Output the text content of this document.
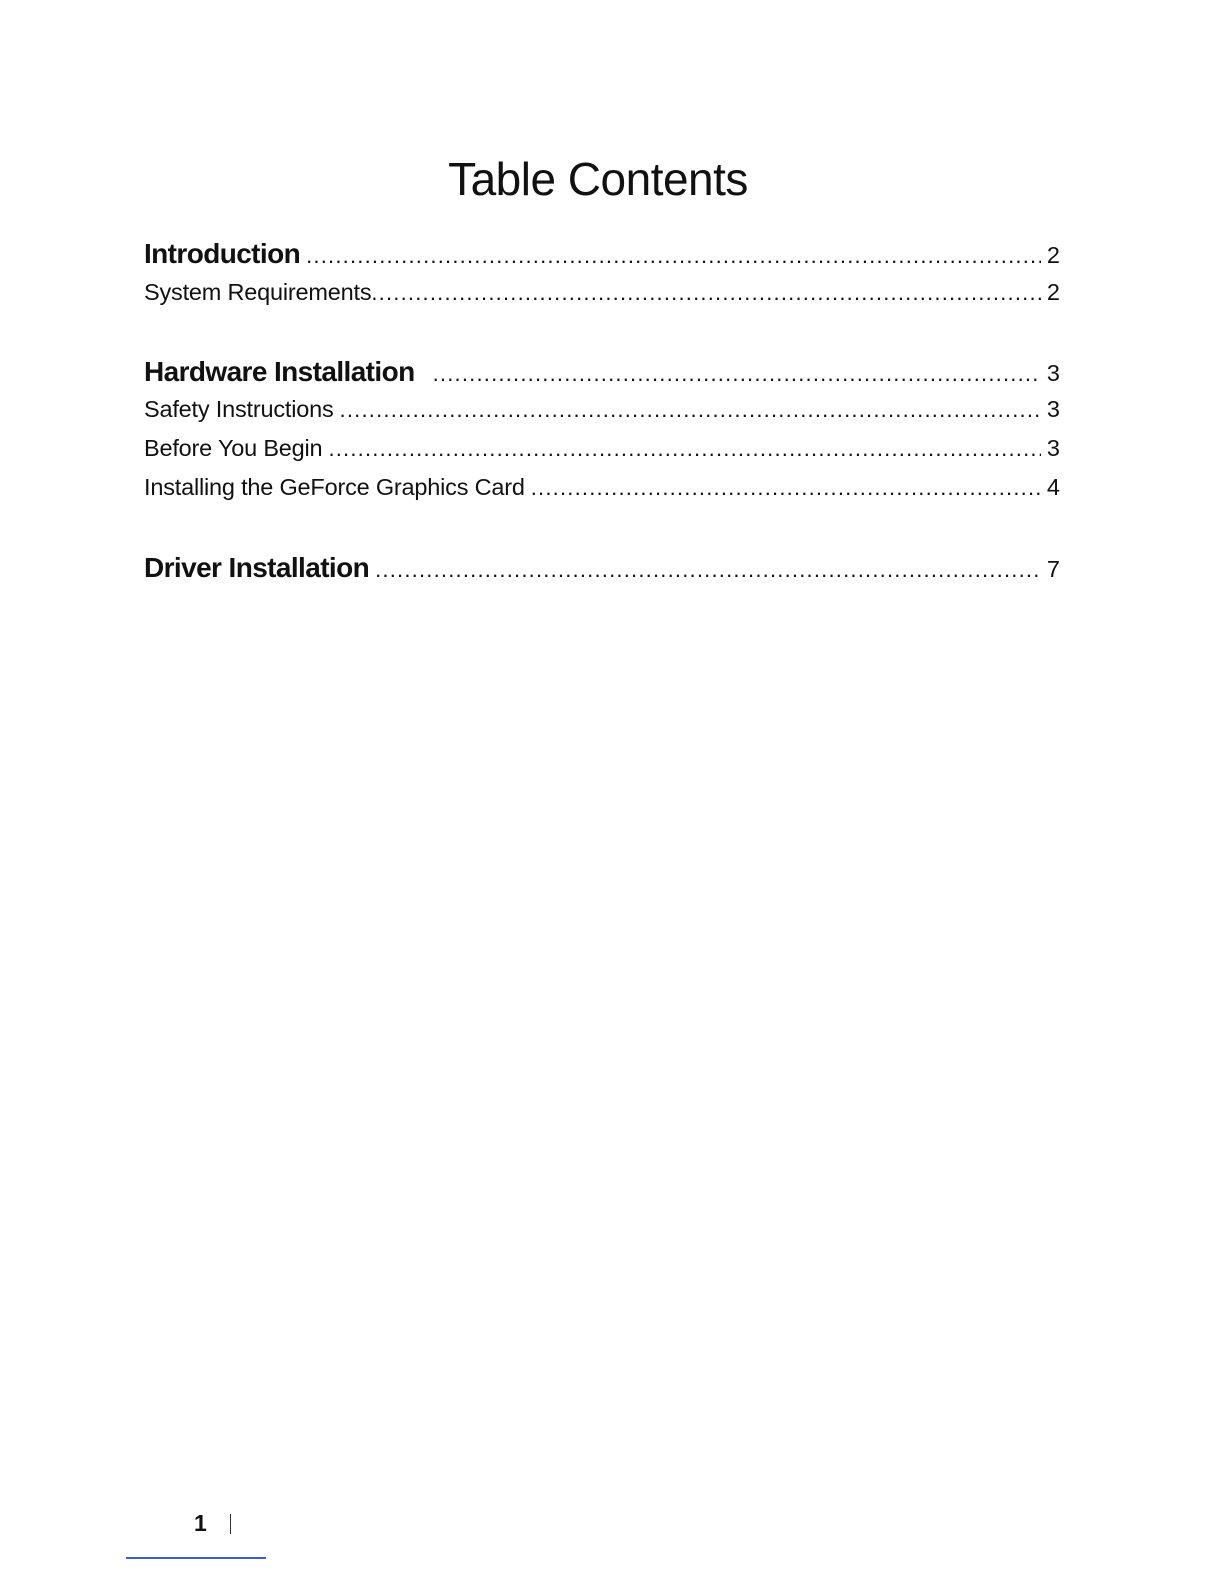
Table Contents
Introduction .....	2
System Requirements .....	2
Hardware Installation .....	3
Safety Instructions .....	3
Before You Begin .....	3
Installing the GeForce Graphics Card .....	4
Driver Installation .....	7
1
